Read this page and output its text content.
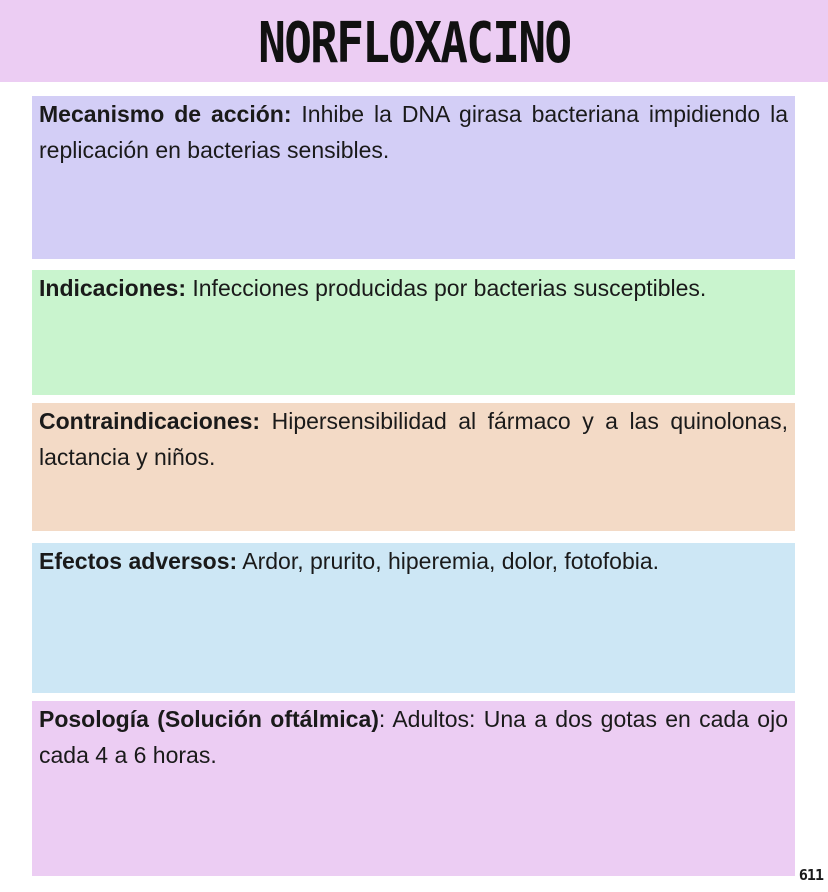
NORFLOXACINO
Mecanismo de acción: Inhibe la DNA girasa bacteriana impidiendo la replicación en bacterias sensibles.
Indicaciones: Infecciones producidas por bacterias susceptibles.
Contraindicaciones: Hipersensibilidad al fármaco y a las quinolonas, lactancia y niños.
Efectos adversos: Ardor, prurito, hiperemia, dolor, fotofobia.
Posología (Solución oftálmica): Adultos: Una a dos gotas en cada ojo cada 4 a 6 horas.
611
